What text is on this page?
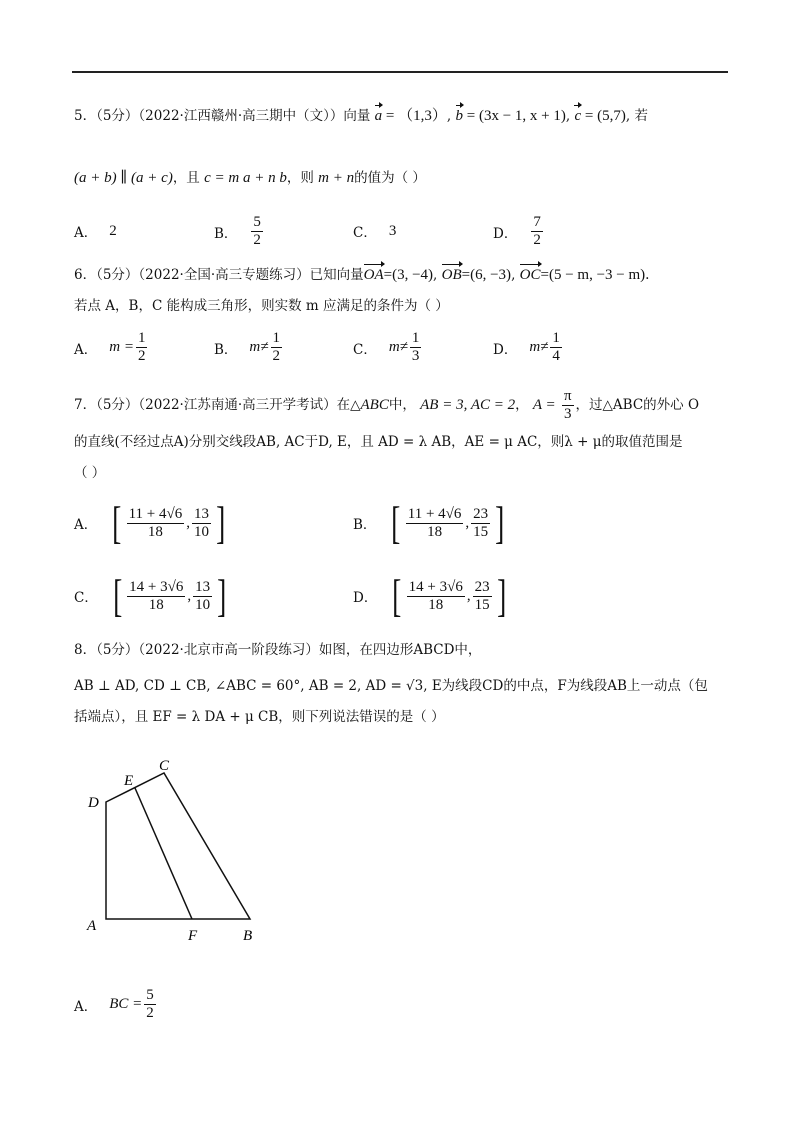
5．（5分）（2022·江西赣州·高三期中（文））向量 a = （1,3）, b = (3x − 1, x + 1), c = (5,7), 若
(a + b) ∥ (a + c)，且 c = m a + n b，则 m + n的值为（ ）
A． 2	B． $\frac{5}{2}$	C． 3	D． $\frac{7}{2}$
6．（5分）（2022·全国·高三专题练习）已知向量OA=(3, −4), OB=(6, −3), OC=(5 − m, −3 − m).
若点 A，B，C 能构成三角形，则实数 m 应满足的条件为（ ）
A． $m = \frac{1}{2}$	B． $m\ne \frac{1}{2}$	C． $m\ne \frac{1}{3}$	D． $m\ne \frac{1}{4}$
7．（5分）（2022·江苏南通·高三开学考试）在△ABC中， AB = 3, AC = 2， $A = \frac{\pi}{3}$ ，过△ABC的外心 O
的直线(不经过点A)分别交线段AB, AC于D, E，且 AD = λ AB，AE = μ AC，则λ + μ的取值范围是
（ ）
A． [ $\frac{11 + 4√6}{18}$ , $\frac{13}{10}$ ]	B． [ $\frac{11 + 4√6}{18}$ , $\frac{23}{15}$ ]
C． [ $\frac{14 + 3√6}{18}$ , $\frac{13}{10}$ ]	D． [ $\frac{14 + 3√6}{18}$ , $\frac{23}{15}$ ]
8．（5分）（2022·北京市高一阶段练习）如图，在四边形ABCD中，
AB ⊥ AD, CD ⊥ CB, ∠ABC = 60°, AB = 2, AD = √3, E为线段CD的中点，F为线段AB上一动点（包
括端点），且 EF = λ DA + μ CB，则下列说法错误的是（ ）
D
E
C
A
F	B
A． BC = $\frac{5}{2}$
